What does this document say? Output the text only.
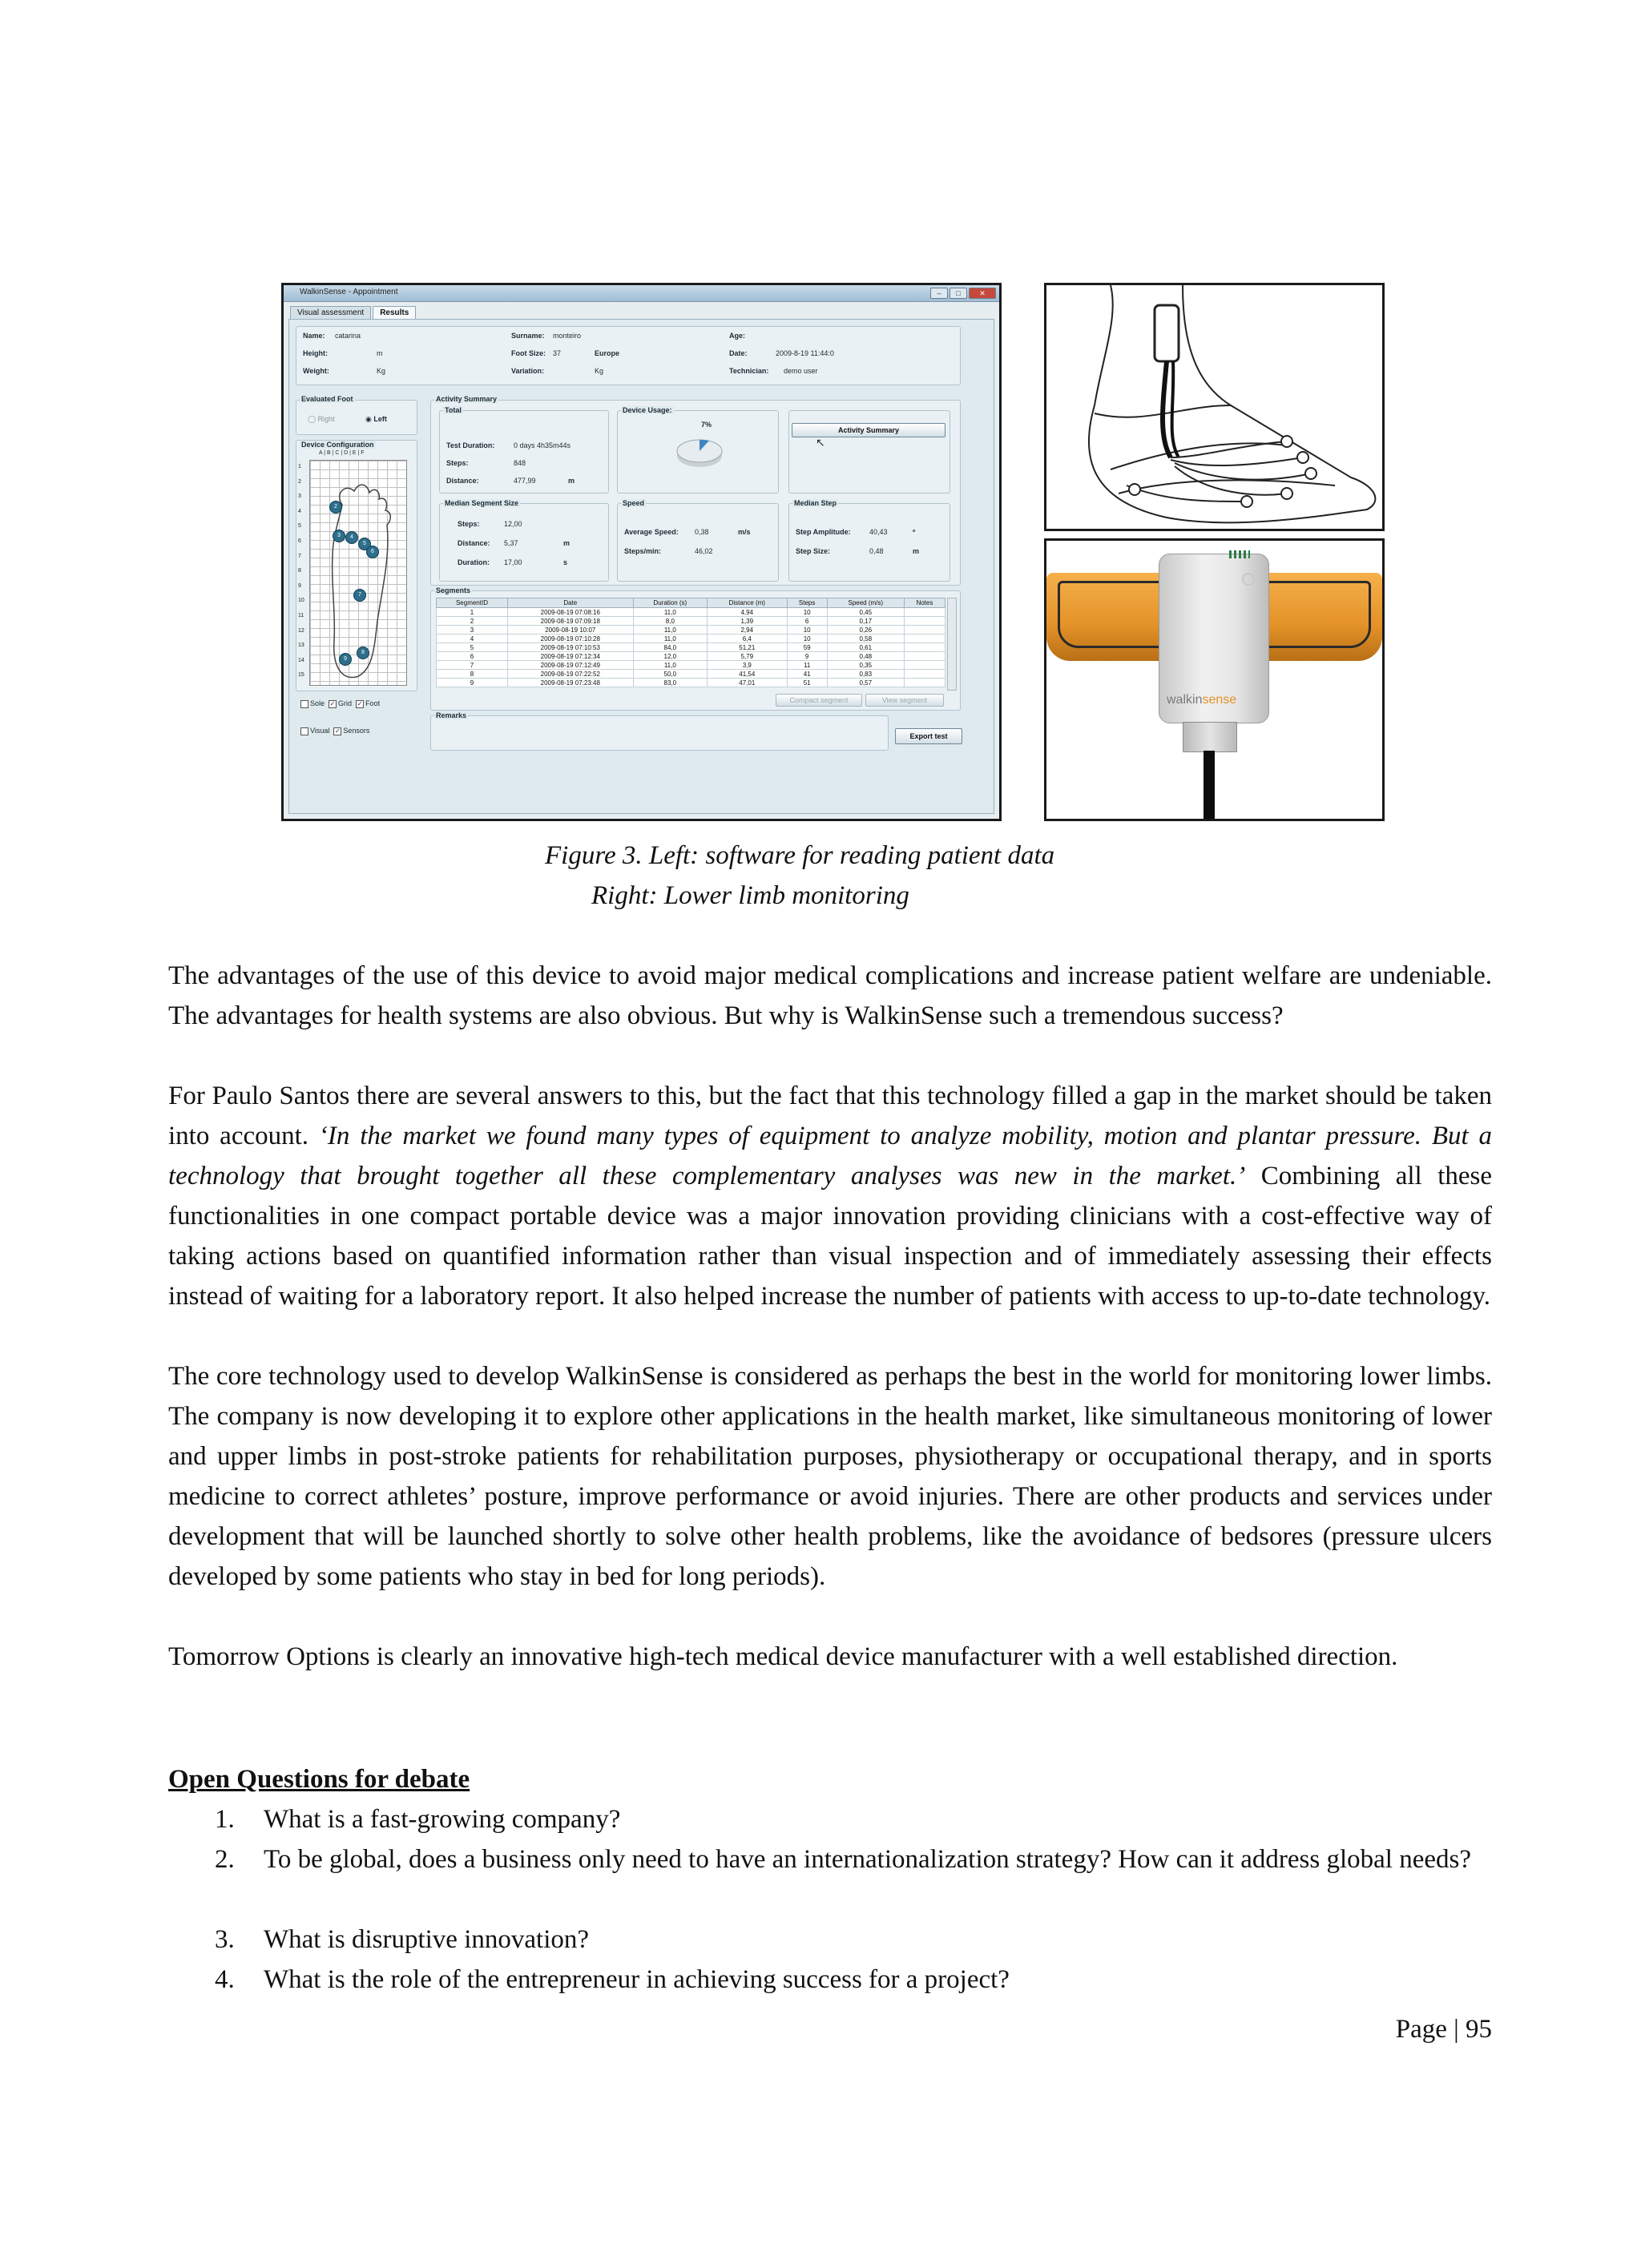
WalkinSense - Appointment	–	□	✕
Visual assessment Results
Name: catarina	Surname: monteiro	Age:
Height:	m	Foot Size: 37	Europe	Date:	2009-8-19 11:44:0
Weight:	Kg	Variation:	Kg	Technician: demo user
Evaluated Foot
◯ Right	◉ Left
Device Configuration
A | B | C | D | E | F
1
2
3
4
5
6
7
8
9
10
11
12
13
14
15
2
3	4
5
6
7
8
9
Sole ✓ Grid ✓ Foot
Visual ✓ Sensors
Activity Summary
Total
Test Duration:	0 days 4h35m44s
Steps:	848
Distance:	477,99	m
Device Usage:
7%
Activity Summary
↖
Median Segment Size
Steps:	12,00
Distance: 5,37	m
Duration: 17,00	s
Speed
Average Speed: 0,38	m/s
Steps/min:	46,02
Median Step
Step Amplitude:	40,43	º
Step Size:	0,48	m
Segments
SegmentID	Date	Duration (s)	Distance (m)	Steps	Speed (m/s)	Notes
1	2009-08-19 07:08:16	11,0	4,94	10	0,45	
2	2009-08-19 07:09:18	8,0	1,39	6	0,17	
3	2009-08-19 10:07	11,0	2,94	10	0,26	
4	2009-08-19 07:10:28	11,0	6,4	10	0,58	
5	2009-08-19 07:10:53	84,0	51,21	59	0,61	
6	2009-08-19 07:12:34	12,0	5,79	9	0,48	
7	2009-08-19 07:12:49	11,0	3,9	11	0,35	
8	2009-08-19 07:22:52	50,0	41,54	41	0,83	
9	2009-08-19 07:23:48	83,0	47,01	51	0,57	
Compact segment	View segment
Remarks
Export test
walkinsense
Figure 3. Left: software for reading patient data
Right: Lower limb monitoring
The advantages of the use of this device to avoid major medical complications and increase patient welfare are undeniable. The advantages for health systems are also obvious. But why is WalkinSense such a tremendous success?
For Paulo Santos there are several answers to this, but the fact that this technology filled a gap in the market should be taken into account. ‘In the market we found many types of equipment to analyze mobility, motion and plantar pressure. But a technology that brought together all these complementary analyses was new in the market.’ Combining all these functionalities in one compact portable device was a major innovation providing clinicians with a cost-effective way of taking actions based on quantified information rather than visual inspection and of immediately assessing their effects instead of waiting for a laboratory report. It also helped increase the number of patients with access to up-to-date technology.
The core technology used to develop WalkinSense is considered as perhaps the best in the world for monitoring lower limbs. The company is now developing it to explore other applications in the health market, like simultaneous monitoring of lower and upper limbs in post-stroke patients for rehabilitation purposes, physiotherapy or occupational therapy, and in sports medicine to correct athletes’ posture, improve performance or avoid injuries. There are other products and services under development that will be launched shortly to solve other health problems, like the avoidance of bedsores (pressure ulcers developed by some patients who stay in bed for long periods).
Tomorrow Options is clearly an innovative high-tech medical device manufacturer with a well established direction.
Open Questions for debate
1. What is a fast-growing company?
2. To be global, does a business only need to have an internationalization strategy? How can it address global needs?
3. What is disruptive innovation?
4. What is the role of the entrepreneur in achieving success for a project?
Page | 95
